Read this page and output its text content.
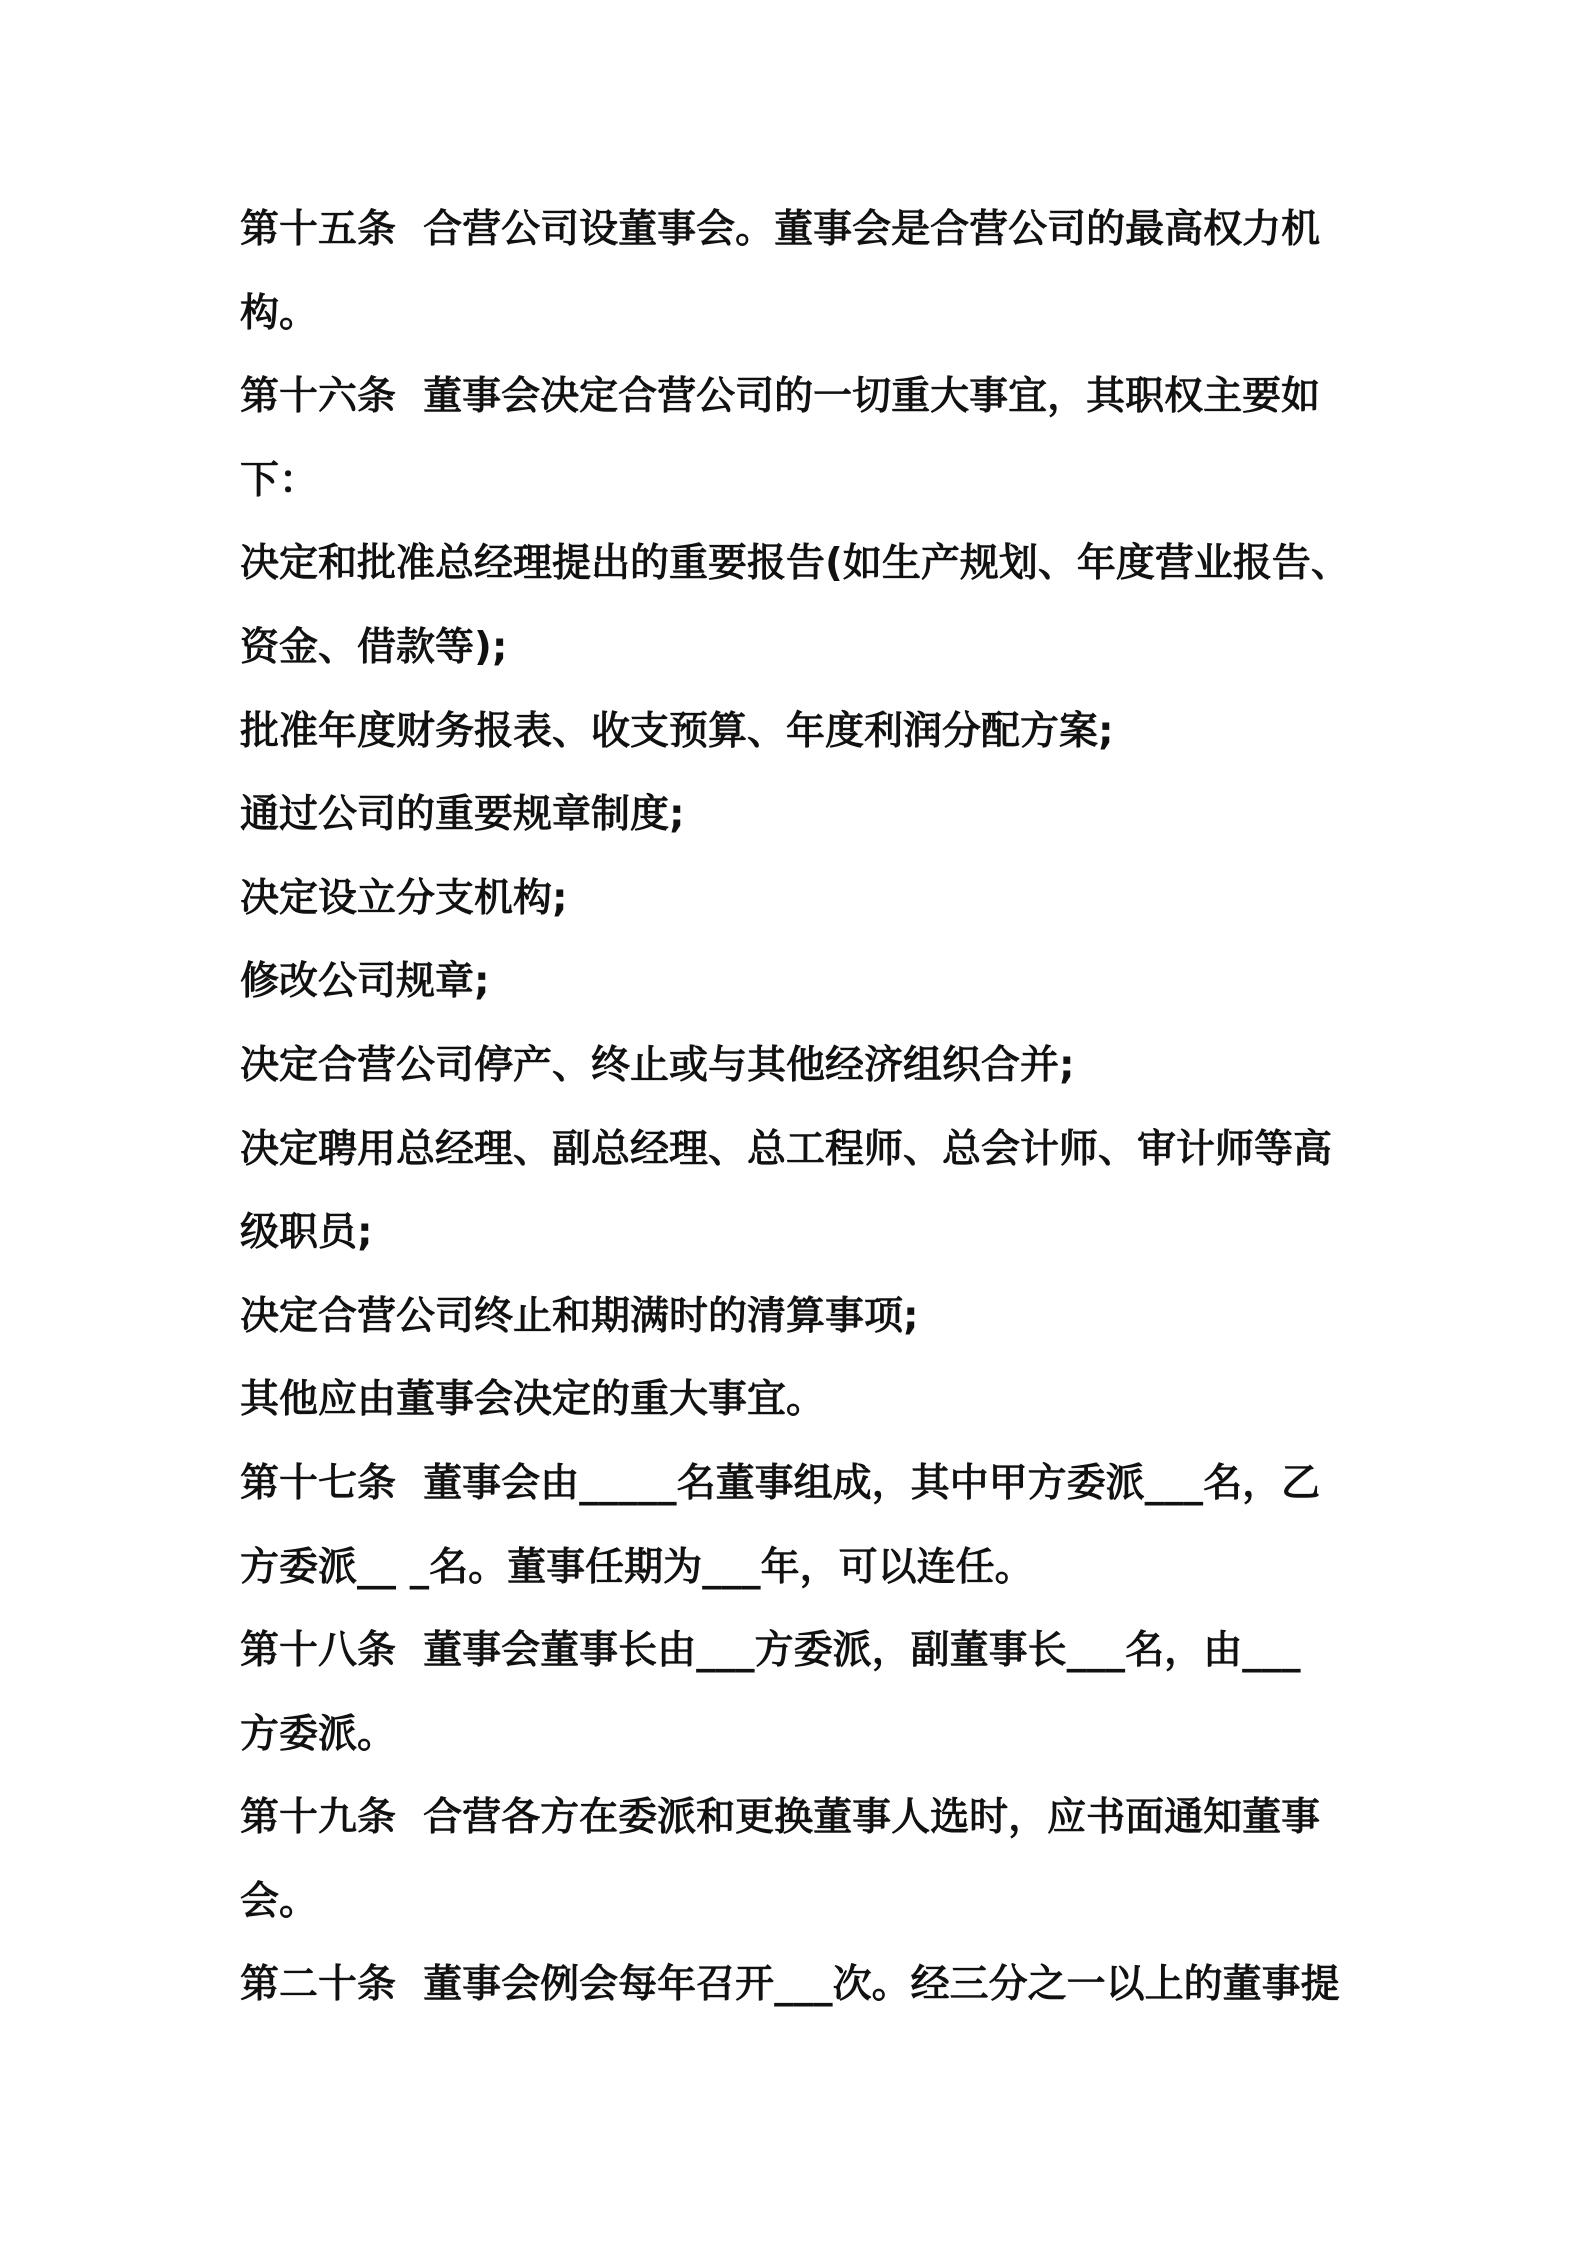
第十五条  合营公司设董事会。董事会是合营公司的最高权力机

构。

第十六条  董事会决定合营公司的一切重大事宜，其职权主要如

下：

决定和批准总经理提出的重要报告(如生产规划、年度营业报告、

资金、借款等);

批准年度财务报表、收支预算、年度利润分配方案;

通过公司的重要规章制度;

决定设立分支机构;

修改公司规章;

决定合营公司停产、终止或与其他经济组织合并;

决定聘用总经理、副总经理、总工程师、总会计师、审计师等高

级职员;

决定合营公司终止和期满时的清算事项;

其他应由董事会决定的重大事宜。

第十七条  董事会由_____名董事组成，其中甲方委派___名，乙

方委派__ _名。董事任期为___年，可以连任。

第十八条  董事会董事长由___方委派，副董事长___名，由___

方委派。

第十九条  合营各方在委派和更换董事人选时，应书面通知董事

会。

第二十条  董事会例会每年召开___次。经三分之一以上的董事提
